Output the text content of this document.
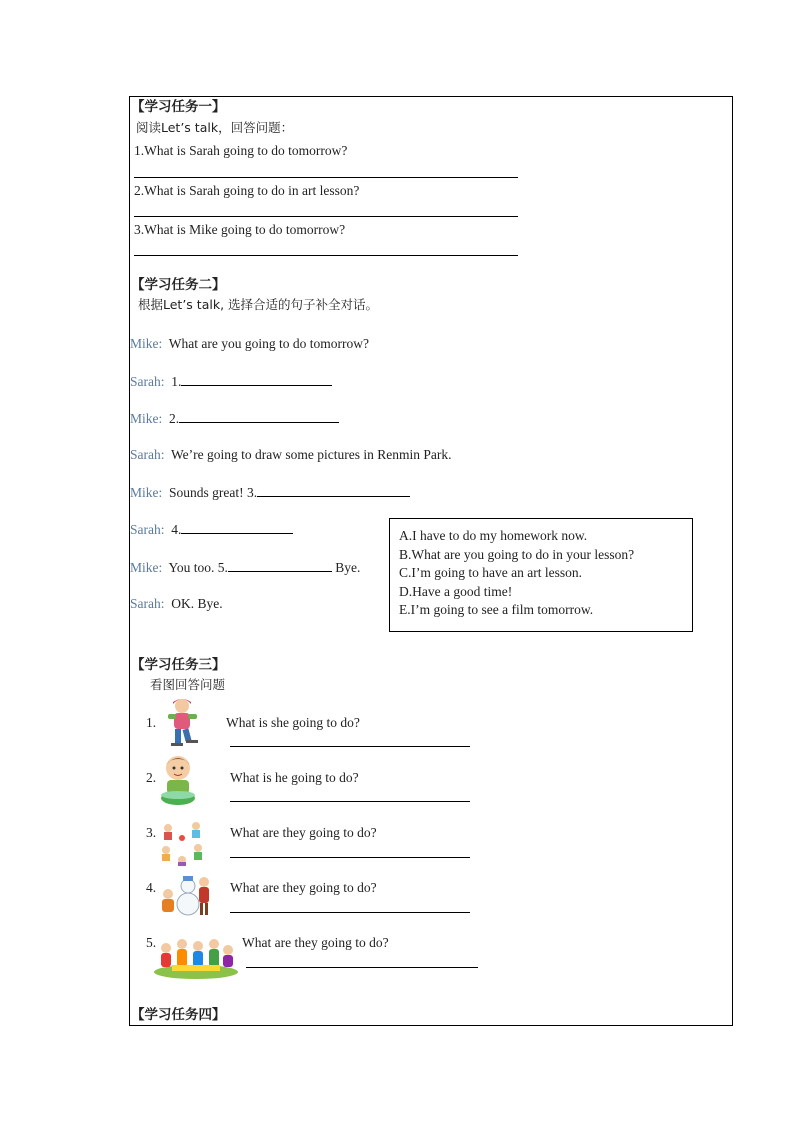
【学习任务一】
阅读Let’s talk，回答问题：
1.What is Sarah going to do tomorrow?
2.What is Sarah going to do in art lesson?
3.What is Mike going to do tomorrow?
【学习任务二】
根据Let’s talk, 选择合适的句子补全对话。
Mike: What are you going to do tomorrow?
Sarah: 1.
Mike: 2.
Sarah: We’re going to draw some pictures in Renmin Park.
Mike: Sounds great! 3.
Sarah: 4.
Mike: You too. 5.	Bye.
Sarah: OK. Bye.
A.I have to do my homework now.
B.What are you going to do in your lesson?
C.I’m going to have an art lesson.
D.Have a good time!
E.I’m going to see a film tomorrow.
【学习任务三】
看图回答问题
1.	What is she going to do?
2.	What is he going to do?
3.	What are they going to do?
4.	What are they going to do?
5.	What are they going to do?
【学习任务四】
